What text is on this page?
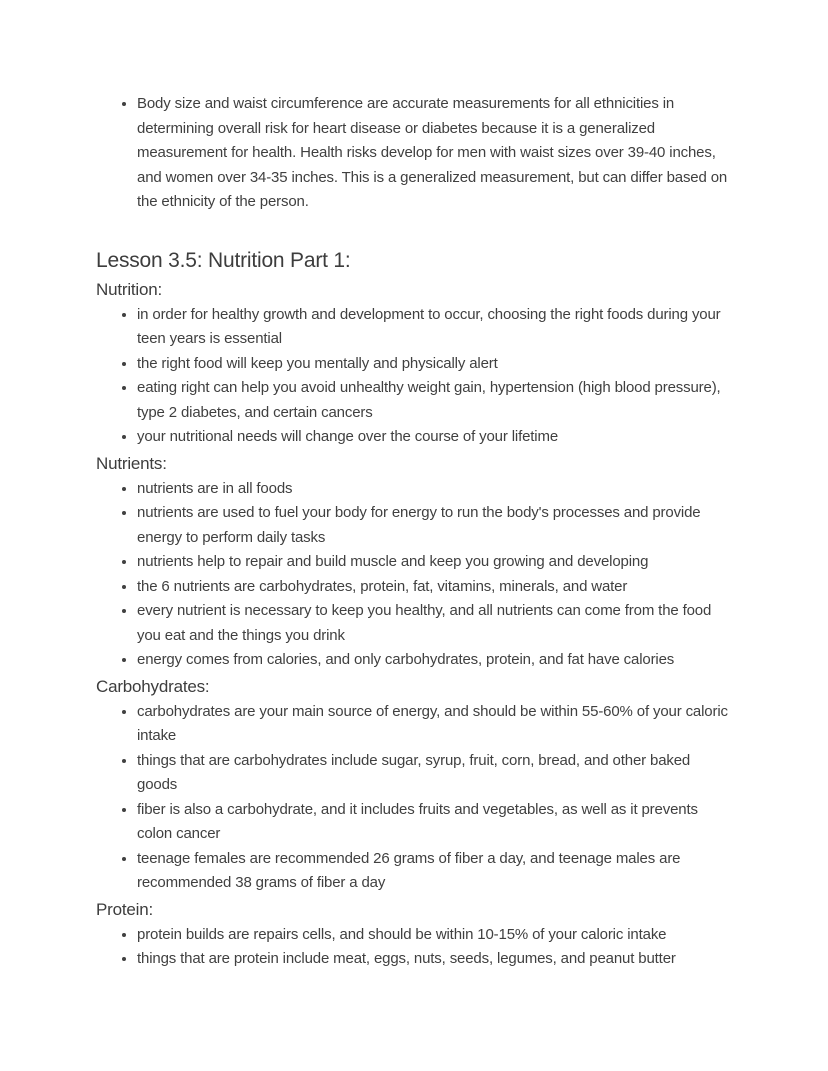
• Body size and waist circumference are accurate measurements for all ethnicities in determining overall risk for heart disease or diabetes because it is a generalized measurement for health. Health risks develop for men with waist sizes over 39-40 inches, and women over 34-35 inches. This is a generalized measurement, but can differ based on the ethnicity of the person.
Lesson 3.5: Nutrition Part 1:
Nutrition:
• in order for healthy growth and development to occur, choosing the right foods during your teen years is essential
• the right food will keep you mentally and physically alert
• eating right can help you avoid unhealthy weight gain, hypertension (high blood pressure), type 2 diabetes, and certain cancers
• your nutritional needs will change over the course of your lifetime
Nutrients:
• nutrients are in all foods
• nutrients are used to fuel your body for energy to run the body's processes and provide energy to perform daily tasks
• nutrients help to repair and build muscle and keep you growing and developing
• the 6 nutrients are carbohydrates, protein, fat, vitamins, minerals, and water
• every nutrient is necessary to keep you healthy, and all nutrients can come from the food you eat and the things you drink
• energy comes from calories, and only carbohydrates, protein, and fat have calories
Carbohydrates:
• carbohydrates are your main source of energy, and should be within 55-60% of your caloric intake
• things that are carbohydrates include sugar, syrup, fruit, corn, bread, and other baked goods
• fiber is also a carbohydrate, and it includes fruits and vegetables, as well as it prevents colon cancer
• teenage females are recommended 26 grams of fiber a day, and teenage males are recommended 38 grams of fiber a day
Protein:
• protein builds are repairs cells, and should be within 10-15% of your caloric intake
• things that are protein include meat, eggs, nuts, seeds, legumes, and peanut butter
